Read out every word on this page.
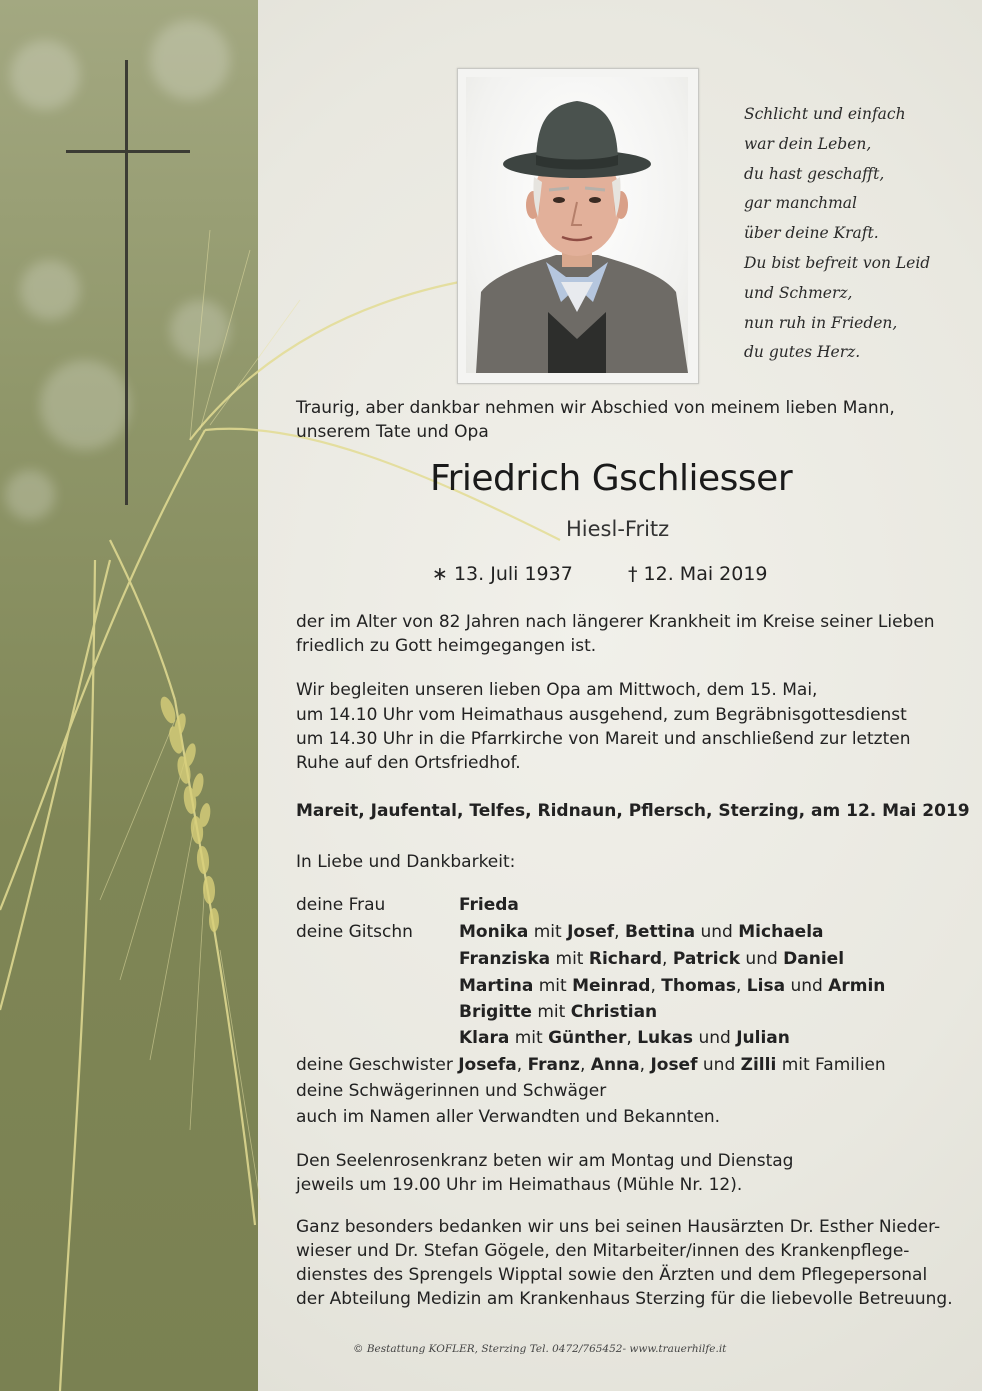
Schlicht und einfach
war dein Leben,
du hast geschafft,
gar manchmal
über deine Kraft.
Du bist befreit von Leid
und Schmerz,
nun ruh in Frieden,
du gutes Herz.
Traurig, aber dankbar nehmen wir Abschied von meinem lieben Mann,
unserem Tate und Opa
Friedrich Gschliesser
Hiesl-Fritz
∗ 13. Juli 1937	† 12. Mai 2019
der im Alter von 82 Jahren nach längerer Krankheit im Kreise seiner Lieben
friedlich zu Gott heimgegangen ist.
Wir begleiten unseren lieben Opa am Mittwoch, dem 15. Mai,
um 14.10 Uhr vom Heimathaus ausgehend, zum Begräbnisgottesdienst
um 14.30 Uhr in die Pfarrkirche von Mareit und anschließend zur letzten
Ruhe auf den Ortsfriedhof.
Mareit, Jaufental, Telfes, Ridnaun, Pflersch, Sterzing, am 12. Mai 2019
In Liebe und Dankbarkeit:
deine Frau	Frieda
deine Gitschn	Monika mit Josef, Bettina und Michaela
Franziska mit Richard, Patrick und Daniel
Martina mit Meinrad, Thomas, Lisa und Armin
Brigitte mit Christian
Klara mit Günther, Lukas und Julian
deine Geschwister Josefa, Franz, Anna, Josef und Zilli mit Familien
deine Schwägerinnen und Schwäger
auch im Namen aller Verwandten und Bekannten.
Den Seelenrosenkranz beten wir am Montag und Dienstag
jeweils um 19.00 Uhr im Heimathaus (Mühle Nr. 12).
Ganz besonders bedanken wir uns bei seinen Hausärzten Dr. Esther Nieder-
wieser und Dr. Stefan Gögele, den Mitarbeiter/innen des Krankenpflege-
dienstes des Sprengels Wipptal sowie den Ärzten und dem Pflegepersonal
der Abteilung Medizin am Krankenhaus Sterzing für die liebevolle Betreuung.
© Bestattung KOFLER, Sterzing Tel. 0472/765452- www.trauerhilfe.it
